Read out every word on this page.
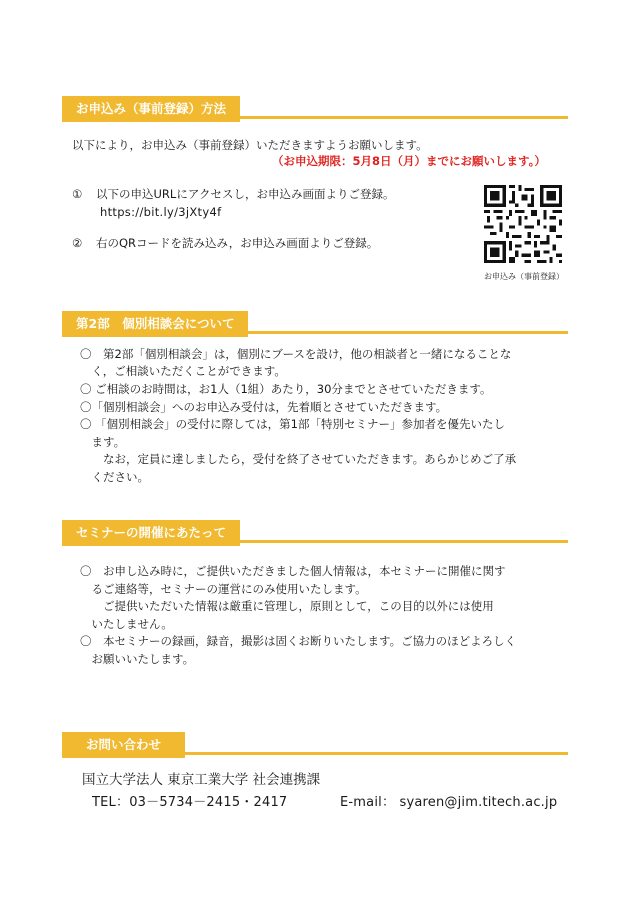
お申込み（事前登録）方法
以下により，お申込み（事前登録）いただきますようお願いします。
（お申込期限：5月8日（月）までにお願いします。）
① 以下の申込URLにアクセスし，お申込み画面よりご登録。
https://bit.ly/3jXty4f
② 右のQRコードを読み込み，お申込み画面よりご登録。
お申込み（事前登録）
第2部　個別相談会について
〇　第2部「個別相談会」は，個別にブースを設け，他の相談者と一緒になることな
　く，ご相談いただくことができます。
〇 ご相談のお時間は，お1人（1組）あたり，30分までとさせていただきます。
〇「個別相談会」へのお申込み受付は，先着順とさせていただきます。
〇 「個別相談会」の受付に際しては，第1部「特別セミナー」参加者を優先いたし
　ます。
　　なお，定員に達しましたら，受付を終了させていただきます。あらかじめご了承
　ください。
セミナーの開催にあたって
〇　お申し込み時に，ご提供いただきました個人情報は，本セミナーに開催に関す
　るご連絡等，セミナーの運営にのみ使用いたします。
　　ご提供いただいた情報は厳重に管理し，原則として，この目的以外には使用
　いたしません。
〇　本セミナーの録画，録音，撮影は固くお断りいたします。ご協力のほどよろしく
　お願いいたします。
お問い合わせ
国立大学法人 東京工業大学 社会連携課
TEL：03－5734－2415・2417	E-mail： syaren@jim.titech.ac.jp
